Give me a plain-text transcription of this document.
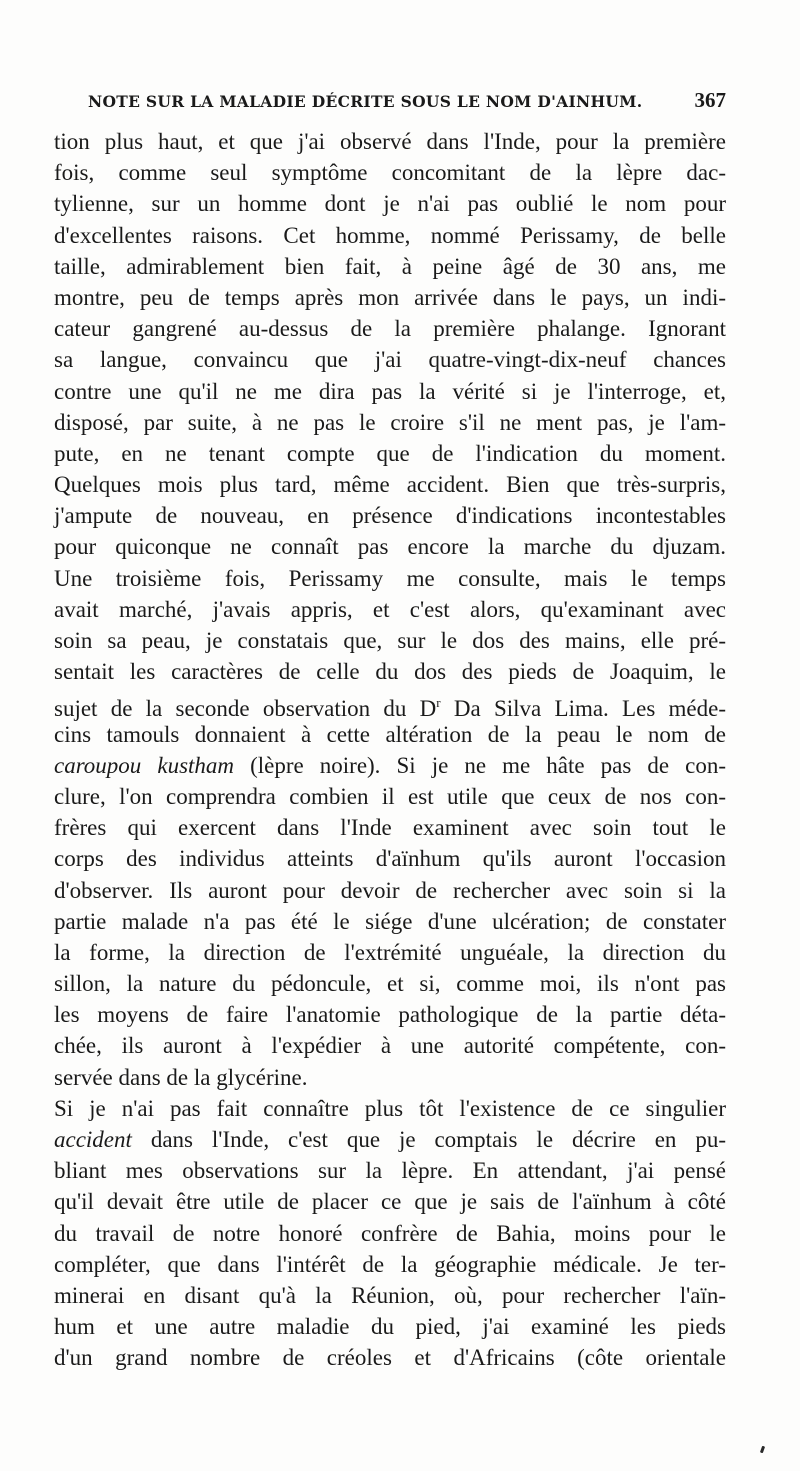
NOTE SUR LA MALADIE DÉCRITE SOUS LE NOM D'AINHUM. 367
tion plus haut, et que j'ai observé dans l'Inde, pour la première
fois, comme seul symptôme concomitant de la lèpre dac-
tylienne, sur un homme dont je n'ai pas oublié le nom pour
d'excellentes raisons. Cet homme, nommé Perissamy, de belle
taille, admirablement bien fait, à peine âgé de 30 ans, me
montre, peu de temps après mon arrivée dans le pays, un indi-
cateur gangrené au-dessus de la première phalange. Ignorant
sa langue, convaincu que j'ai quatre-vingt-dix-neuf chances
contre une qu'il ne me dira pas la vérité si je l'interroge, et,
disposé, par suite, à ne pas le croire s'il ne ment pas, je l'am-
pute, en ne tenant compte que de l'indication du moment.
Quelques mois plus tard, même accident. Bien que très-surpris,
j'ampute de nouveau, en présence d'indications incontestables
pour quiconque ne connaît pas encore la marche du djuzam.
Une troisième fois, Perissamy me consulte, mais le temps
avait marché, j'avais appris, et c'est alors, qu'examinant avec
soin sa peau, je constatais que, sur le dos des mains, elle pré-
sentait les caractères de celle du dos des pieds de Joaquim, le
sujet de la seconde observation du $D^r$ Da Silva Lima. Les méde-
cins tamouls donnaient à cette altération de la peau le nom de
caroupou kustham (lèpre noire). Si je ne me hâte pas de con-
clure, l'on comprendra combien il est utile que ceux de nos con-
frères qui exercent dans l'Inde examinent avec soin tout le
corps des individus atteints d'aïnhum qu'ils auront l'occasion
d'observer. Ils auront pour devoir de rechercher avec soin si la
partie malade n'a pas été le siége d'une ulcération; de constater
la forme, la direction de l'extrémité unguéale, la direction du
sillon, la nature du pédoncule, et si, comme moi, ils n'ont pas
les moyens de faire l'anatomie pathologique de la partie déta-
chée, ils auront à l'expédier à une autorité compétente, con-
servée dans de la glycérine.
Si je n'ai pas fait connaître plus tôt l'existence de ce singulier
accident dans l'Inde, c'est que je comptais le décrire en pu-
bliant mes observations sur la lèpre. En attendant, j'ai pensé
qu'il devait être utile de placer ce que je sais de l'aïnhum à côté
du travail de notre honoré confrère de Bahia, moins pour le
compléter, que dans l'intérêt de la géographie médicale. Je ter-
minerai en disant qu'à la Réunion, où, pour rechercher l'aïn-
hum et une autre maladie du pied, j'ai examiné les pieds
d'un grand nombre de créoles et d'Africains (côte orientale
